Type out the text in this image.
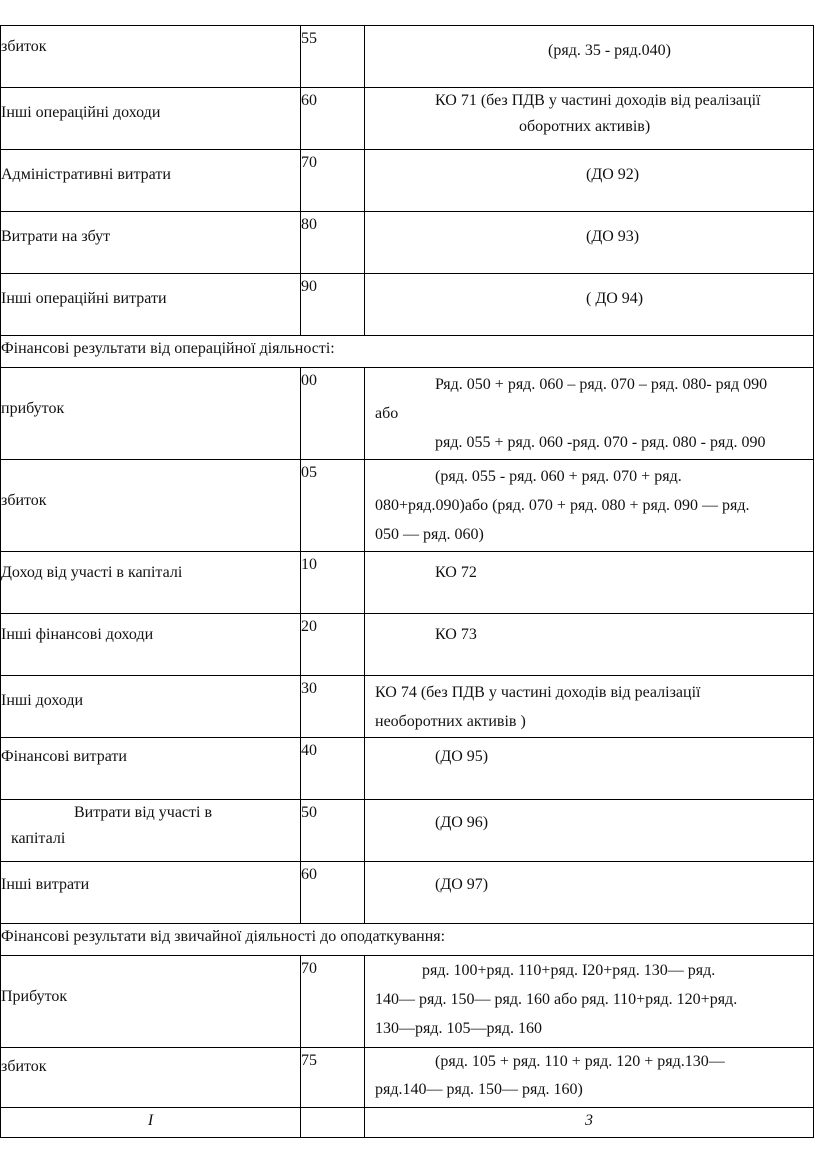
збиток	55	(ряд. 35 - ряд.040)

Інші операційні доходи	60	КО 71 (без ПДВ у частині доходів від реалізації
оборотних активів)

Адміністративні витрати	70	(ДО 92)

Витрати на збут	80	(ДО 93)

Інші операційні витрати	90	( ДО 94)

Фінансові результати від операційної діяльності:		

прибуток	00	Ряд. 050 + ряд. 060 – ряд. 070 – ряд. 080- ряд 090
або
ряд. 055 + ряд. 060 -ряд. 070 - ряд. 080 - ряд. 090

збиток	05	(ряд. 055 - ряд. 060 + ряд. 070 + ряд.
080+ряд.090)або (ряд. 070 + ряд. 080 + ряд. 090 — ряд.
050 — ряд. 060)

Доход від участі в капіталі	10	КО 72

Інші фінансові доходи	20	КО 73

Інші доходи	30	КО 74 (без ПДВ у частині доходів від реалізації
необоротних активів )

Фінансові витрати	40	(ДО 95)

Витрати від участі в
капіталі	50	(ДО 96)

Інші витрати	60	(ДО 97)

Фінансові результати від звичайної діяльності до оподаткування:		

Прибуток	70	ряд. 100+ряд. 110+ряд. I20+ряд. 130— ряд.
140— ряд. 150— ряд. 160 або ряд. 110+ряд. 120+ряд.
130—ряд. 105—ряд. 160

збиток	75	(ряд. 105 + ряд. 110 + ряд. 120 + ряд.130—
ряд.140— ряд. 150— ряд. 160)

I		3
